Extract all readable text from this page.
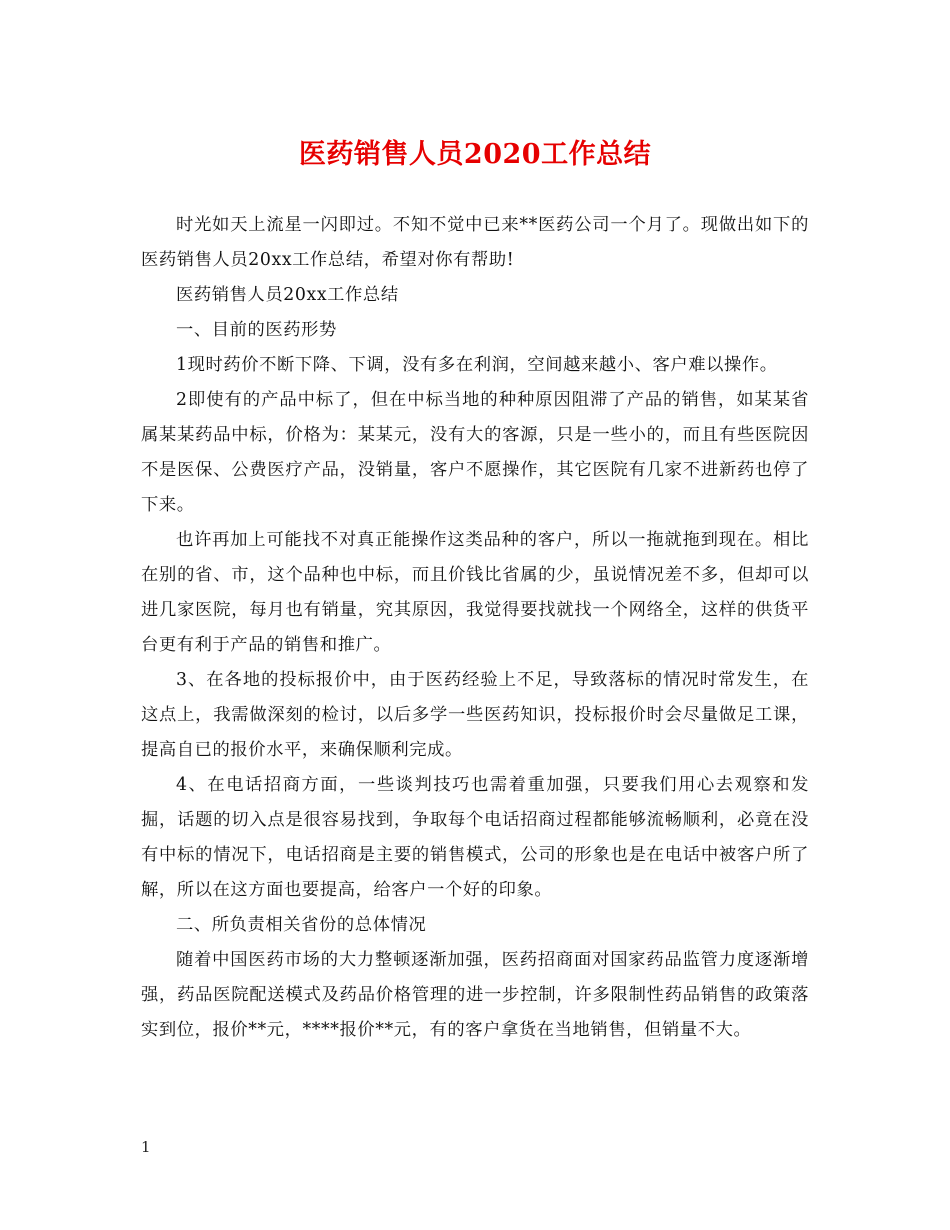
医药销售人员2020工作总结

时光如天上流星一闪即过。不知不觉中已来**医药公司一个月了。现做出如下的医药销售人员20xx工作总结，希望对你有帮助!

医药销售人员20xx工作总结

一、目前的医药形势

1现时药价不断下降、下调，没有多在利润，空间越来越小、客户难以操作。

2即使有的产品中标了，但在中标当地的种种原因阻滞了产品的销售，如某某省属某某药品中标，价格为：某某元，没有大的客源，只是一些小的，而且有些医院因不是医保、公费医疗产品，没销量，客户不愿操作，其它医院有几家不进新药也停了下来。

也许再加上可能找不对真正能操作这类品种的客户，所以一拖就拖到现在。相比在别的省、市，这个品种也中标，而且价钱比省属的少，虽说情况差不多，但却可以进几家医院，每月也有销量，究其原因，我觉得要找就找一个网络全，这样的供货平台更有利于产品的销售和推广。

3、在各地的投标报价中，由于医药经验上不足，导致落标的情况时常发生，在这点上，我需做深刻的检讨，以后多学一些医药知识，投标报价时会尽量做足工课，提高自已的报价水平，来确保顺利完成。

4、在电话招商方面，一些谈判技巧也需着重加强，只要我们用心去观察和发掘，话题的切入点是很容易找到，争取每个电话招商过程都能够流畅顺利，必竟在没有中标的情况下，电话招商是主要的销售模式，公司的形象也是在电话中被客户所了解，所以在这方面也要提高，给客户一个好的印象。

二、所负责相关省份的总体情况

随着中国医药市场的大力整顿逐渐加强，医药招商面对国家药品监管力度逐渐增强，药品医院配送模式及药品价格管理的进一步控制，许多限制性药品销售的政策落实到位，报价**元，****报价**元，有的客户拿货在当地销售，但销量不大。

1
